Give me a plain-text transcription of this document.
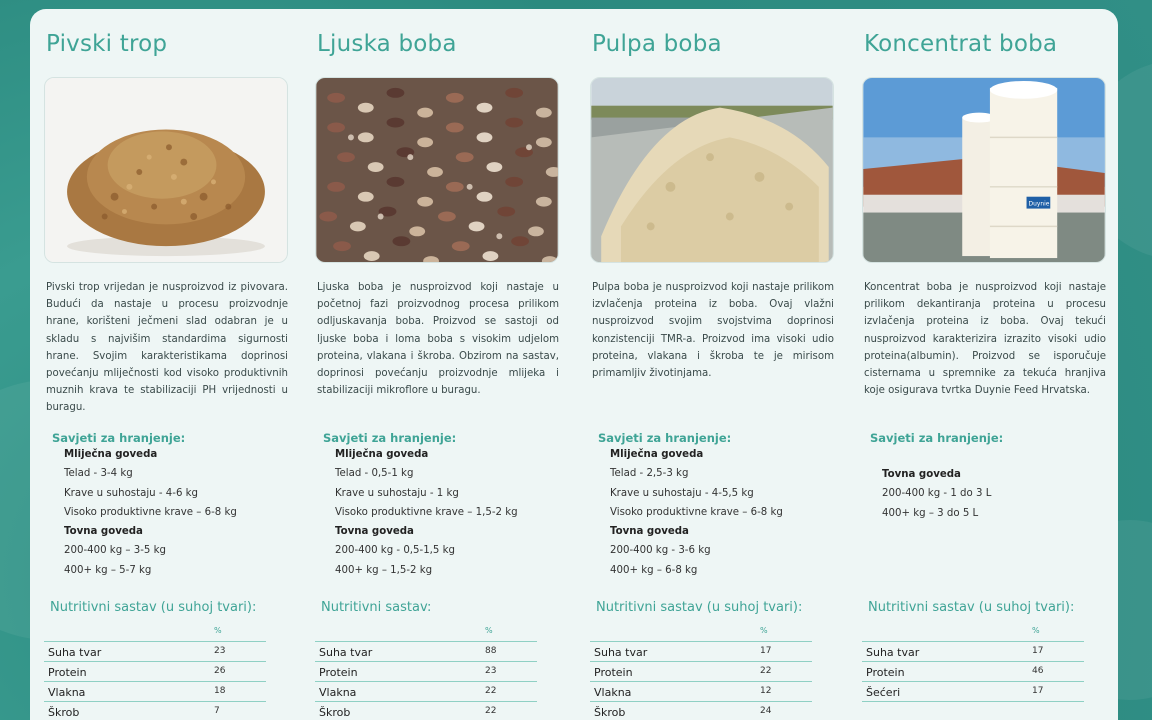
Pivski trop
Pivski trop vrijedan je nusproizvod iz pivovara. Budući da nastaje u procesu proizvodnje hrane, korišteni ječmeni slad odabran je u skladu s najvišim standardima sigurnosti hrane. Svojim karakteristikama doprinosi povećanju mliječnosti kod visoko produktivnih muznih krava te stabilizaciji PH vrijednosti u buragu.
Savjeti za hranjenje:
Mliječna goveda
Telad - 3-4 kg
Krave u suhostaju - 4-6 kg
Visoko produktivne krave – 6-8 kg
Tovna goveda
200-400 kg – 3-5 kg
400+ kg – 5-7 kg
Nutritivni sastav (u suhoj tvari):
%
Suha tvar	23
Protein	26
Vlakna	18
Škrob	7
Ljuska boba
Ljuska boba je nusproizvod koji nastaje u početnoj fazi proizvodnog procesa prilikom odljuskavanja boba. Proizvod se sastoji od ljuske boba i loma boba s visokim udjelom proteina, vlakana i škroba. Obzirom na sastav, doprinosi povećanju proizvodnje mlijeka i stabilizaciji mikroflore u buragu.
Savjeti za hranjenje:
Mliječna goveda
Telad - 0,5-1 kg
Krave u suhostaju - 1 kg
Visoko produktivne krave – 1,5-2 kg
Tovna goveda
200-400 kg - 0,5-1,5 kg
400+ kg – 1,5-2 kg
Nutritivni sastav:
%
Suha tvar	88
Protein	23
Vlakna	22
Škrob	22
Pulpa boba
Pulpa boba je nusproizvod koji nastaje prilikom izvlačenja proteina iz boba. Ovaj vlažni nusproizvod svojim svojstvima doprinosi konzistenciji TMR-a. Proizvod ima visoki udio proteina, vlakana i škroba te je mirisom primamljiv životinjama.
Savjeti za hranjenje:
Mliječna goveda
Telad - 2,5-3 kg
Krave u suhostaju - 4-5,5 kg
Visoko produktivne krave – 6-8 kg
Tovna goveda
200-400 kg - 3-6 kg
400+ kg – 6-8 kg
Nutritivni sastav (u suhoj tvari):
%
Suha tvar	17
Protein	22
Vlakna	12
Škrob	24
Koncentrat boba
Duynie
Koncentrat boba je nusproizvod koji nastaje prilikom dekantiranja proteina u procesu izvlačenja proteina iz boba. Ovaj tekući nusproizvod karakterizira izrazito visoki udio proteina(albumin). Proizvod se isporučuje cisternama u spremnike za tekuća hranjiva koje osigurava tvrtka Duynie Feed Hrvatska.
Savjeti za hranjenje:
Tovna goveda
200-400 kg - 1 do 3 L
400+ kg – 3 do 5 L
Nutritivni sastav (u suhoj tvari):
%
Suha tvar	17
Protein	46
Šećeri	17
